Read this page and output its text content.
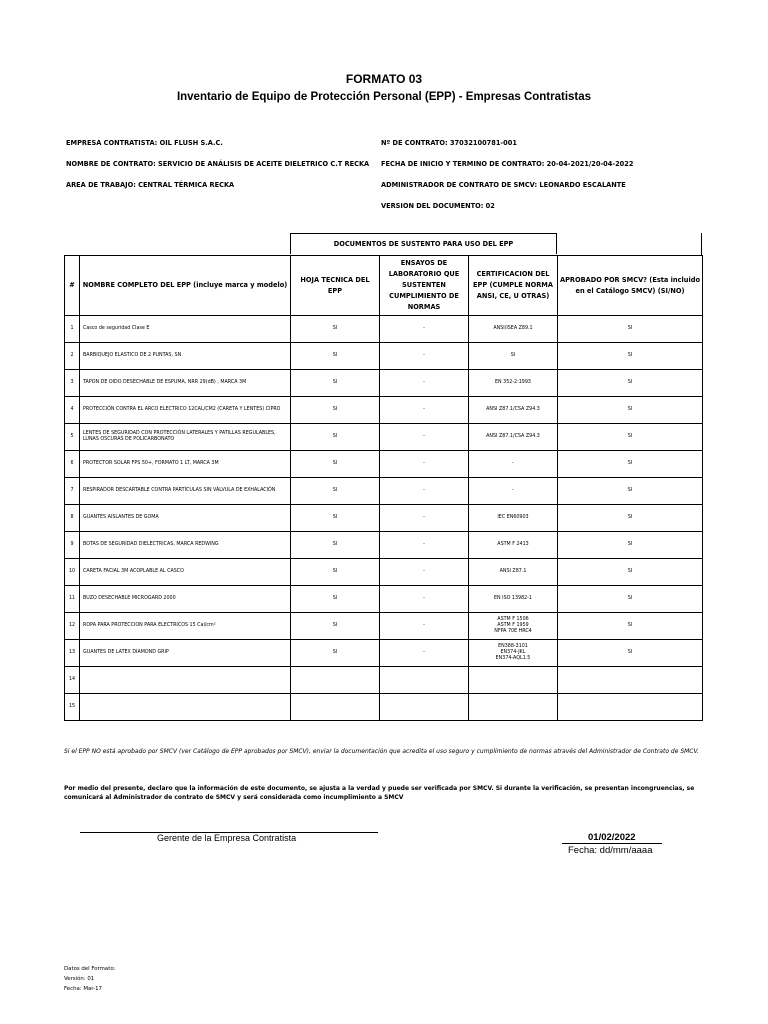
FORMATO 03
Inventario de Equipo de Protección Personal (EPP) - Empresas Contratistas
EMPRESA CONTRATISTA: OIL FLUSH S.A.C.
NOMBRE DE CONTRATO: SERVICIO DE ANÁLISIS DE ACEITE DIELETRICO C.T RECKA
AREA DE TRABAJO: CENTRAL TÉRMICA RECKA
Nº DE CONTRATO: 37032100781-001
FECHA DE INICIO Y TERMINO DE CONTRATO: 20-04-2021/20-04-2022
ADMINISTRADOR DE CONTRATO DE SMCV: LEONARDO ESCALANTE
VERSION DEL DOCUMENTO: 02
DOCUMENTOS DE SUSTENTO PARA USO DEL EPP
#	NOMBRE COMPLETO DEL EPP (incluye marca y modelo)	HOJA TECNICA DEL EPP	ENSAYOS DE LABORATORIO QUE SUSTENTEN CUMPLIMIENTO DE NORMAS	CERTIFICACION DEL EPP (CUMPLE NORMA ANSI, CE, U OTRAS)	APROBADO POR SMCV? (Esta incluido en el Catálogo SMCV) (SI/NO)
1	Casco de seguridad Clase E	SI	-	ANSI/ISEA Z89.1	SI
2	BARBIQUEJO ELASTICO DE 2 PUNTAS, SN	SI	-	SI	SI
3	TAPON DE OIDO DESECHABLE DE ESPUMA, NRR 29(dB) , MARCA 3M	SI	-	EN 352-2:1993	SI
4	PROTECCIÓN CONTRA EL ARCO ELECTRICO 12CAL/CM2 (CARETA Y LENTES) CIPRO	SI	-	ANSI Z87.1/CSA Z94.3	SI
5	LENTES DE SEGURIDAD CON PROTECCIÓN LATERALES Y PATILLAS REGULABLES, LUNAS OSCURAS DE POLICARBONATO	SI	-	ANSI Z87.1/CSA Z94.3	SI
6	PROTECTOR SOLAR FPS 50+, FORMATO 1 LT, MARCA 3M	SI	-	-	SI
7	RESPIRADOR DESCARTABLE CONTRA PARTÍCULAS SIN VÁLVULA DE EXHALACIÓN	SI	-	-	SI
8	GUANTES AISLANTES DE GOMA	SI	-	IEC EN60903	SI
9	BOTAS DE SEGURIDAD DIELECTRICAS, MARCA REDWING	SI	-	ASTM F 2413	SI
10	CARETA FACIAL 3M ACOPLABLE AL CASCO	SI	-	ANSI Z87.1	SI
11	BUZO DESECHABLE MICROGARD 2000	SI	-	EN ISO 13982-1	SI
12	ROPA PARA PROTECCION PARA ELECTRICOS 15 Cal/cm²	SI	-	ASTM F 1506
ASTM F 1959
NFPA 70E HRC4	SI
13	GUANTES DE LATEX DIAMOND GRIP	SI	-	EN388-3101
EN374-JKL
EN374-AQL1.5	SI
14					
15					
Si el EPP NO está aprobado por SMCV (ver Catálogo de EPP aprobados por SMCV), enviar la documentación que acredita el uso seguro y cumplimiento de normas através del Administrador de Contrato de SMCV.
Por medio del presente, declaro que la información de este documento, se ajusta a la verdad y puede ser verificada por SMCV. Si durante la verificación, se presentan incongruencias, se comunicará al Administrador de contrato de SMCV y será considerada como incumplimiento a SMCV
Gerente de la Empresa Contratista	01/02/2022
Fecha: dd/mm/aaaa
Datos del Formato:
Versión: 01
Fecha: Mar-17
